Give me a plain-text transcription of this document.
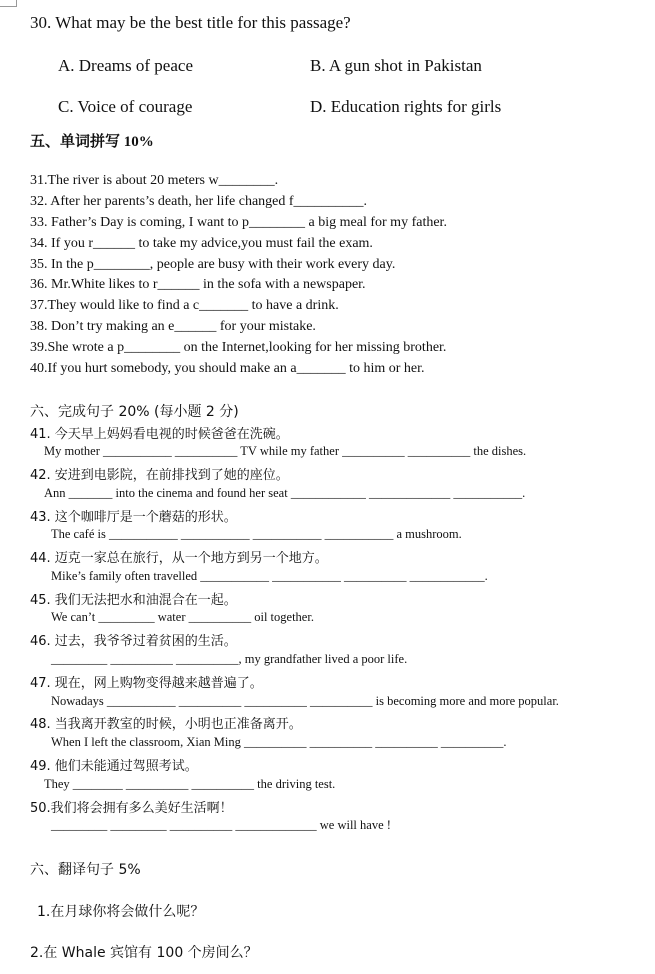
30. What may be the best title for this passage?
A. Dreams of peace	B. A gun shot in Pakistan
C. Voice of courage	D. Education rights for girls
五、单词拼写 10%
31.The river is about 20 meters w________.
32. After her parents’s death, her life changed f__________.
33. Father’s Day is coming, I want to p________ a big meal for my father.
34. If you r______ to take my advice,you must fail the exam.
35. In the p________, people are busy with their work every day.
36. Mr.White likes to r______ in the sofa with a newspaper.
37.They would like to find a c_______ to have a drink.
38. Don’t try making an e______ for your mistake.
39.She wrote a p________ on the Internet,looking for her missing brother.
40.If you hurt somebody, you should make an a_______ to him or her.
六、完成句子 20% (每小题 2 分)
41. 今天早上妈妈看电视的时候爸爸在洗碗。
My mother ___________ __________ TV while my father __________ __________ the dishes.
42. 安进到电影院，在前排找到了她的座位。
Ann _______ into the cinema and found her seat ____________ _____________ ___________.
43. 这个咖啡厅是一个蘑菇的形状。
The café is ___________ ___________ ___________ ___________ a mushroom.
44. 迈克一家总在旅行，从一个地方到另一个地方。
Mike’s family often travelled ___________ ___________ __________ ____________.
45. 我们无法把水和油混合在一起。
We can’t _________ water __________ oil together.
46. 过去，我爷爷过着贫困的生活。
_________ __________ __________, my grandfather lived a poor life.
47. 现在，网上购物变得越来越普遍了。
Nowadays ___________ __________ __________ __________ is becoming more and more popular.
48. 当我离开教室的时候，小明也正准备离开。
When I left the classroom, Xian Ming __________ __________ __________ __________.
49. 他们未能通过驾照考试。
They ________ __________ __________ the driving test.
50.我们将会拥有多么美好生活啊！
_________ _________ __________ _____________ we will have !
六、翻译句子 5%
1.在月球你将会做什么呢？
2.在 Whale 宾馆有 100 个房间么？
